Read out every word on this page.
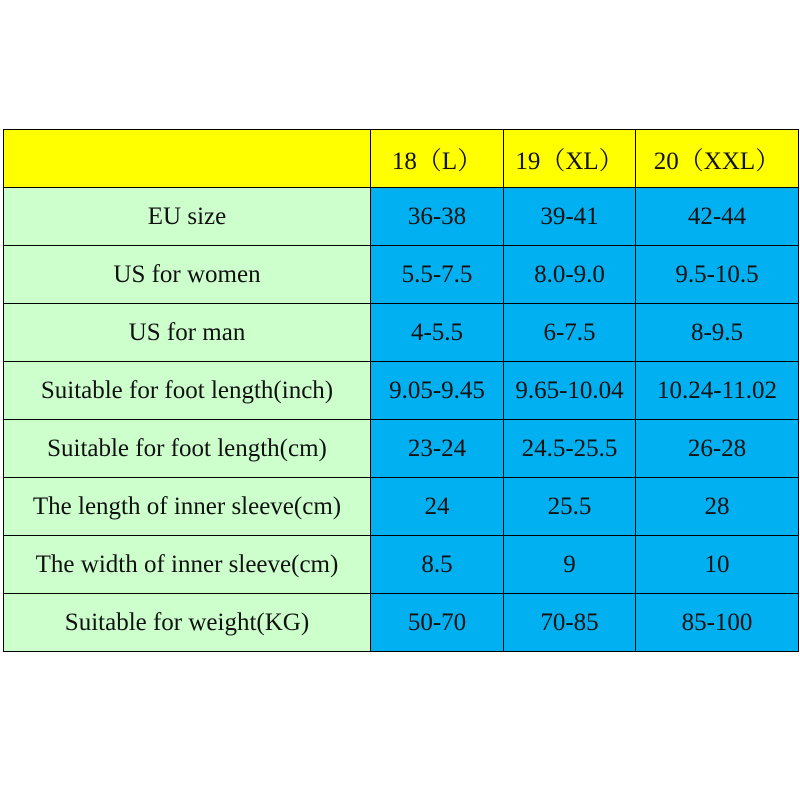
	18（L）	19（XL）	20（XXL）
EU size	36-38	39-41	42-44
US for women	5.5-7.5	8.0-9.0	9.5-10.5
US for man	4-5.5	6-7.5	8-9.5
Suitable for foot length(inch)	9.05-9.45	9.65-10.04	10.24-11.02
Suitable for foot length(cm)	23-24	24.5-25.5	26-28
The length of inner sleeve(cm)	24	25.5	28
The width of inner sleeve(cm)	8.5	9	10
Suitable for weight(KG)	50-70	70-85	85-100
